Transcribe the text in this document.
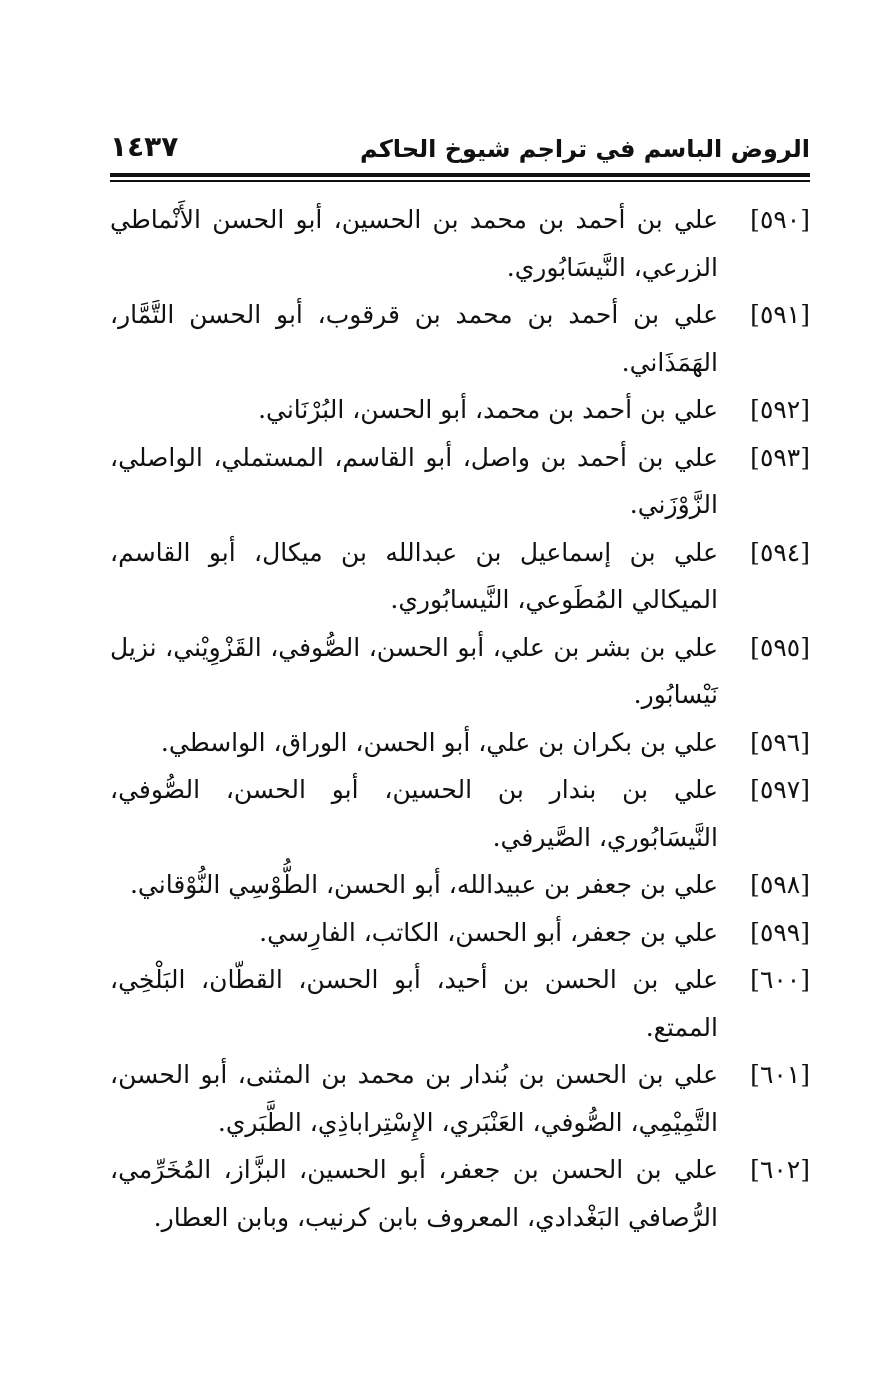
الروض الباسم في تراجم شيوخ الحاكم
١٤٣٧

[٥٩٠]علي بن أحمد بن محمد بن الحسين، أبو الحسن الأَنْماطي الزرعي، النَّيسَابُوري.

[٥٩١]علي بن أحمد بن محمد بن قرقوب، أبو الحسن التَّمَّار، الهَمَذَاني.

[٥٩٢]علي بن أحمد بن محمد، أبو الحسن، البُرْنَاني.

[٥٩٣]علي بن أحمد بن واصل، أبو القاسم، المستملي، الواصلي، الزَّوْزَني.

[٥٩٤]علي بن إسماعيل بن عبدالله بن ميكال، أبو القاسم، الميكالي المُطَوعي، النَّيسابُوري.

[٥٩٥]علي بن بشر بن علي، أبو الحسن، الصُّوفي، القَزْوِيْني، نزيل نَيْسابُور.

[٥٩٦]علي بن بكران بن علي، أبو الحسن، الوراق، الواسطي.

[٥٩٧]علي بن بندار بن الحسين، أبو الحسن، الصُّوفي، النَّيسَابُوري، الصَّيرفي.

[٥٩٨]علي بن جعفر بن عبيدالله، أبو الحسن، الطُّوْسِي النُّوْقاني.

[٥٩٩]علي بن جعفر، أبو الحسن، الكاتب، الفارِسي.

[٦٠٠]علي بن الحسن بن أحيد، أبو الحسن، القطّان، البَلْخِي، الممتع.

[٦٠١]علي بن الحسن بن بُندار بن محمد بن المثنى، أبو الحسن، التَّمِيْمِي، الصُّوفي، العَنْبَري، الإِسْتِراباذِي، الطَّبَري.

[٦٠٢]علي بن الحسن بن جعفر، أبو الحسين، البزَّاز، المُخَرِّمي، الرُّصافي البَغْدادي، المعروف بابن كرنيب، وبابن العطار.
